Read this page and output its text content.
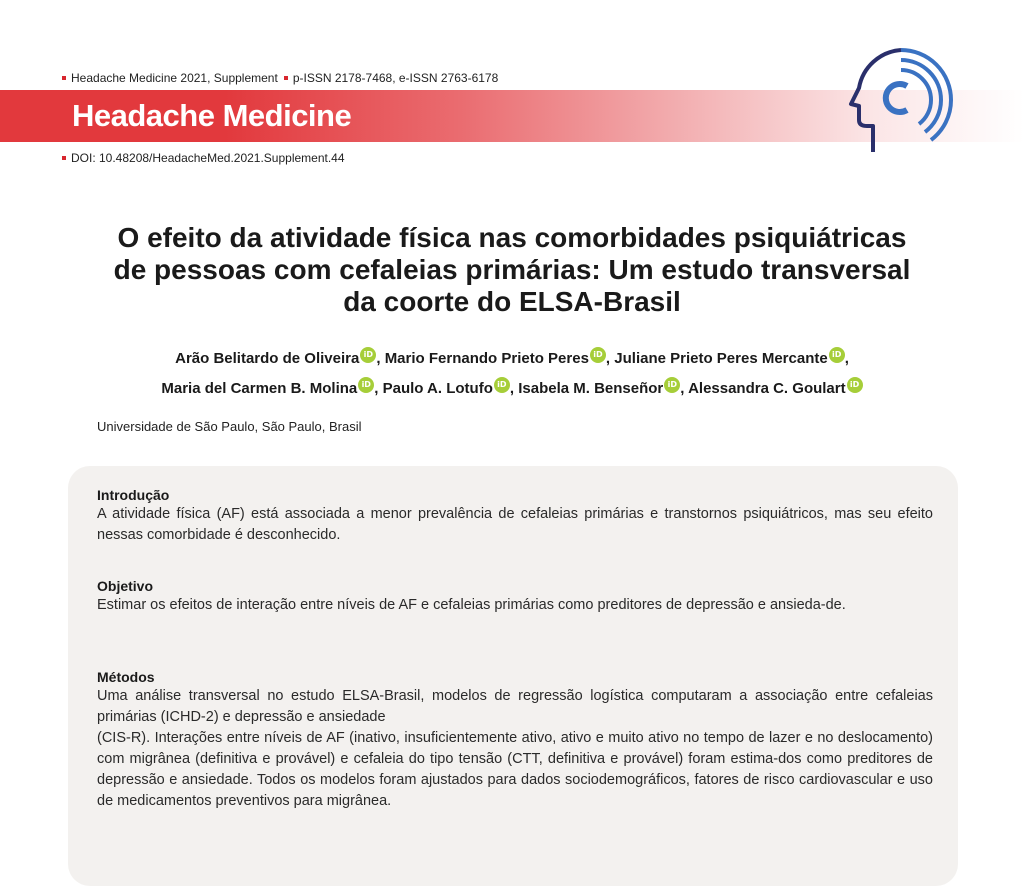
Headache Medicine 2021, Supplement p-ISSN 2178-7468, e-ISSN 2763-6178
Headache Medicine
DOI: 10.48208/HeadacheMed.2021.Supplement.44
O efeito da atividade física nas comorbidades psiquiátricas
de pessoas com cefaleias primárias: Um estudo transversal
da coorte do ELSA-Brasil
Arão Belitardo de Oliveira iD , Mario Fernando Prieto Peres iD , Juliane Prieto Peres Mercante iD ,
Maria del Carmen B. Molina iD , Paulo A. Lotufo iD , Isabela M. Benseñor iD , Alessandra C. Goulart iD
Universidade de São Paulo, São Paulo, Brasil
Introdução

A atividade física (AF) está associada a menor prevalência de cefaleias primárias e transtornos psiquiátricos, mas seu efeito nessas comorbidade é desconhecido.

Objetivo

Estimar os efeitos de interação entre níveis de AF e cefaleias primárias como preditores de depressão e ansieda-de.

Métodos

Uma análise transversal no estudo ELSA-Brasil, modelos de regressão logística computaram a associação entre cefaleias primárias (ICHD-2) e depressão e ansiedade

(CIS-R). Interações entre níveis de AF (inativo, insuficientemente ativo, ativo e muito ativo no tempo de lazer e no deslocamento) com migrânea (definitiva e provável) e cefaleia do tipo tensão (CTT, definitiva e provável) foram estima-dos como preditores de depressão e ansiedade. Todos os modelos foram ajustados para dados sociodemográficos, fatores de risco cardiovascular e uso de medicamentos preventivos para migrânea.
